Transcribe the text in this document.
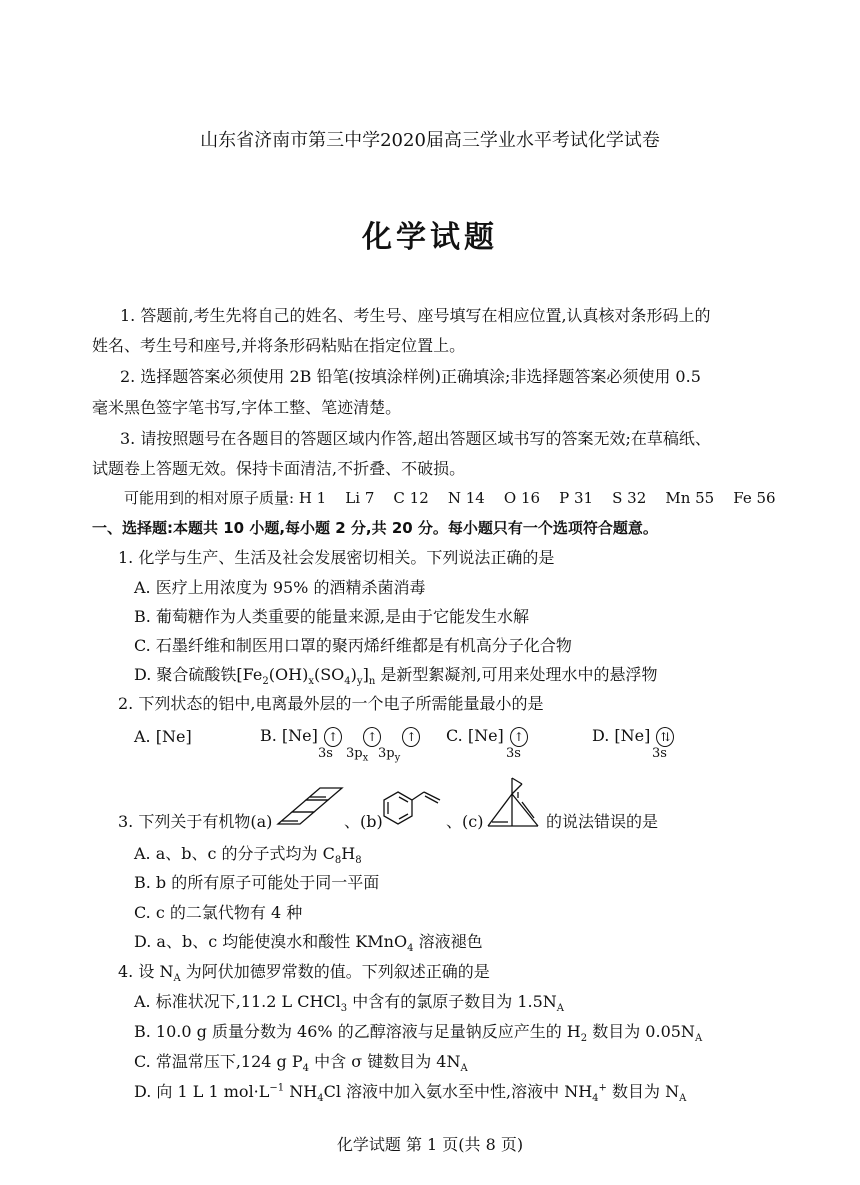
山东省济南市第三中学2020届高三学业水平考试化学试卷
化学试题
1. 答题前,考生先将自己的姓名、考生号、座号填写在相应位置,认真核对条形码上的
姓名、考生号和座号,并将条形码粘贴在指定位置上。
2. 选择题答案必须使用 2B 铅笔(按填涂样例)正确填涂;非选择题答案必须使用 0.5
毫米黑色签字笔书写,字体工整、笔迹清楚。
3. 请按照题号在各题目的答题区域内作答,超出答题区域书写的答案无效;在草稿纸、
试题卷上答题无效。保持卡面清洁,不折叠、不破损。
可能用到的相对原子质量: H 1    Li 7    C 12    N 14    O 16    P 31    S 32    Mn 55    Fe 56
一、选择题:本题共 10 小题,每小题 2 分,共 20 分。每小题只有一个选项符合题意。
1. 化学与生产、生活及社会发展密切相关。下列说法正确的是
A. 医疗上用浓度为 95% 的酒精杀菌消毒
B. 葡萄糖作为人类重要的能量来源,是由于它能发生水解
C. 石墨纤维和制医用口罩的聚丙烯纤维都是有机高分子化合物
D. 聚合硫酸铁$[Fe_2(OH)_x(SO_4)_y]_n$ 是新型絮凝剂,可用来处理水中的悬浮物
2. 下列状态的铝中,电离最外层的一个电子所需能量最小的是
A. [Ne]	B. [Ne] ↑ ↑ ↑
3s $3p_x$ $3p_y$
C. [Ne] ↑
3s
D. [Ne] ⇅
3s
3. 下列关于有机物(a)	、(b)	、(c)	的说法错误的是
A. a、b、c 的分子式均为 $C_8H_8$
B. b 的所有原子可能处于同一平面
C. c 的二氯代物有 4 种
D. a、b、c 均能使溴水和酸性 KMnO$_4$ 溶液褪色
4. 设 $N_A$ 为阿伏加德罗常数的值。下列叙述正确的是
A. 标准状况下,11.2 L CHCl$_3$ 中含有的氯原子数目为 $1.5N_A$
B. 10.0 g 质量分数为 46% 的乙醇溶液与足量钠反应产生的 $H_2$ 数目为 $0.05N_A$
C. 常温常压下,124 g $P_4$ 中含 σ 键数目为 $4N_A$
D. 向 1 L 1 $mol\cdot L^{-1}$ $NH_4Cl$ 溶液中加入氨水至中性,溶液中 $NH_4^+$ 数目为 $N_A$
化学试题 第 1 页(共 8 页)
